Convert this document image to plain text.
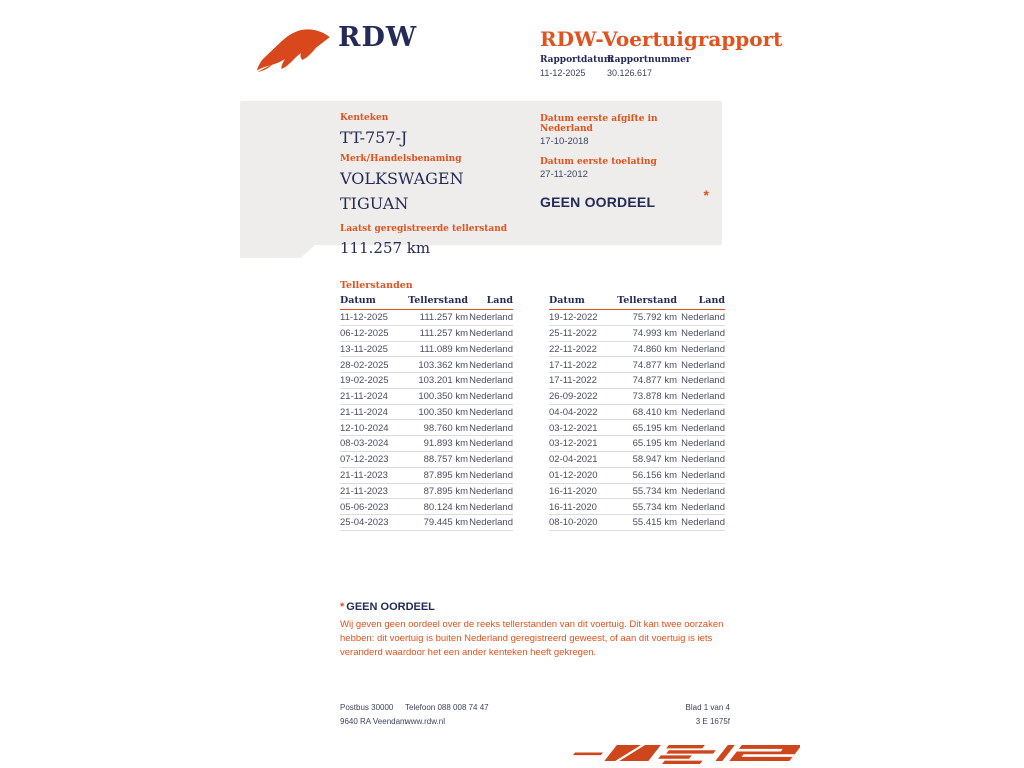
RDW	RDW-Voertuigrapport
Rapportdatum
Rapportnummer
11-12-2025 30.126.617
Kenteken
TT-757-J
Merk/Handelsbenaming
VOLKSWAGEN
TIGUAN
Laatst geregistreerde tellerstand
111.257 km
Datum eerste afgifte in Nederland
17-10-2018
Datum eerste toelating
27-11-2012
GEEN OORDEEL	*
Tellerstanden
Datum	Tellerstand	Land
11-12-2025	111.257 km	Nederland
06-12-2025	111.257 km	Nederland
13-11-2025	111.089 km	Nederland
28-02-2025	103.362 km	Nederland
19-02-2025	103.201 km	Nederland
21-11-2024	100.350 km	Nederland
21-11-2024	100.350 km	Nederland
12-10-2024	98.760 km	Nederland
08-03-2024	91.893 km	Nederland
07-12-2023	88.757 km	Nederland
21-11-2023	87.895 km	Nederland
21-11-2023	87.895 km	Nederland
05-06-2023	80.124 km	Nederland
25-04-2023	79.445 km	Nederland
Datum	Tellerstand	Land
19-12-2022	75.792 km	Nederland
25-11-2022	74.993 km	Nederland
22-11-2022	74.860 km	Nederland
17-11-2022	74.877 km	Nederland
17-11-2022	74.877 km	Nederland
26-09-2022	73.878 km	Nederland
04-04-2022	68.410 km	Nederland
03-12-2021	65.195 km	Nederland
03-12-2021	65.195 km	Nederland
02-04-2021	58.947 km	Nederland
01-12-2020	56.156 km	Nederland
16-11-2020	55.734 km	Nederland
16-11-2020	55.734 km	Nederland
08-10-2020	55.415 km	Nederland
* GEEN OORDEEL
Wij geven geen oordeel over de reeks tellerstanden van dit voertuig. Dit kan twee oorzaken hebben: dit voertuig is buiten Nederland geregistreerd geweest, of aan dit voertuig is iets veranderd waardoor het een ander kenteken heeft gekregen.
Postbus 30000
9640 RA Veendam
Telefoon 088 008 74 47
www.rdw.nl
Blad 1 van 4
3 E 1675f
